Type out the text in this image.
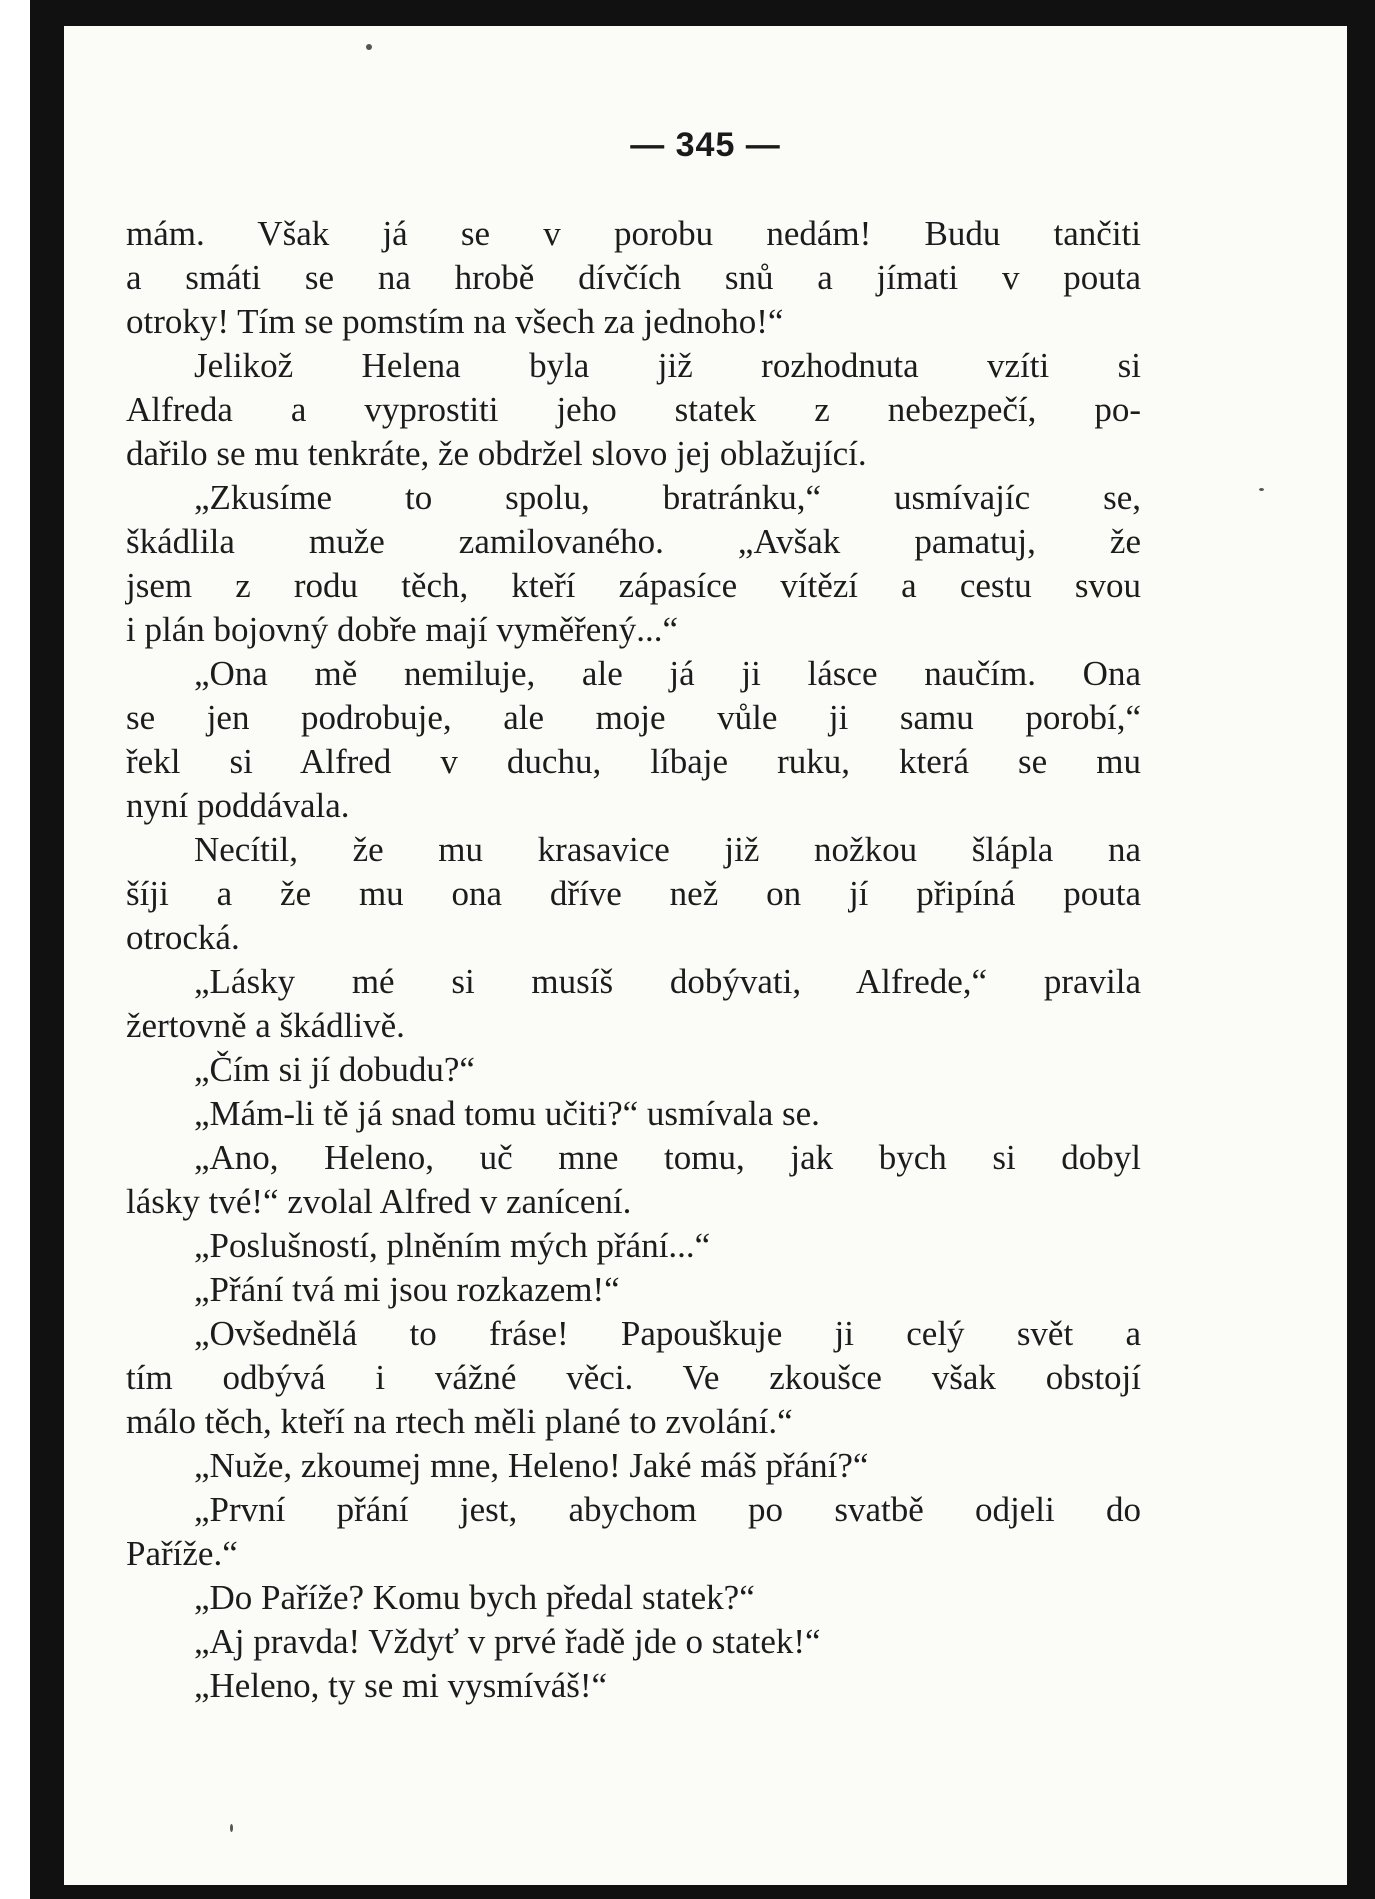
— 345 —
mám. Však já se v porobu nedám! Budu tančiti
a smáti se na hrobě dívčích snů a jímati v pouta
otroky! Tím se pomstím na všech za jednoho!“
Jelikož Helena byla již rozhodnuta vzíti si
Alfreda a vyprostiti jeho statek z nebezpečí, po-
dařilo se mu tenkráte, že obdržel slovo jej oblažující.
„Zkusíme to spolu, bratránku,“ usmívajíc se,
škádlila muže zamilovaného. „Avšak pamatuj, že
jsem z rodu těch, kteří zápasíce vítězí a cestu svou
i plán bojovný dobře mají vyměřený...“
„Ona mě nemiluje, ale já ji lásce naučím. Ona
se jen podrobuje, ale moje vůle ji samu porobí,“
řekl si Alfred v duchu, líbaje ruku, která se mu
nyní poddávala.
Necítil, že mu krasavice již nožkou šlápla na
šíji a že mu ona dříve než on jí připíná pouta
otrocká.
„Lásky mé si musíš dobývati, Alfrede,“ pravila
žertovně a škádlivě.
„Čím si jí dobudu?“
„Mám-li tě já snad tomu učiti?“ usmívala se.
„Ano, Heleno, uč mne tomu, jak bych si dobyl
lásky tvé!“ zvolal Alfred v zanícení.
„Poslušností, plněním mých přání...“
„Přání tvá mi jsou rozkazem!“
„Ovšednělá to fráse! Papouškuje ji celý svět a
tím odbývá i vážné věci. Ve zkoušce však obstojí
málo těch, kteří na rtech měli plané to zvolání.“
„Nuže, zkoumej mne, Heleno! Jaké máš přání?“
„První přání jest, abychom po svatbě odjeli do
Paříže.“
„Do Paříže? Komu bych předal statek?“
„Aj pravda! Vždyť v prvé řadě jde o statek!“
„Heleno, ty se mi vysmíváš!“
